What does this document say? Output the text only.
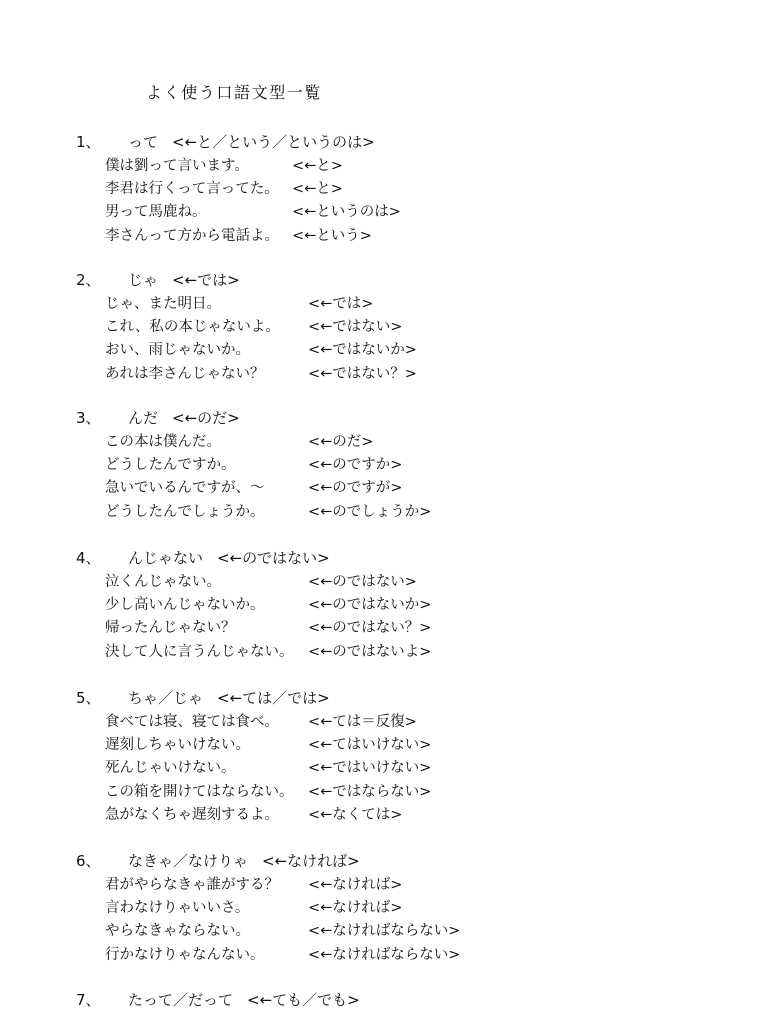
よく使う口語文型一覧
1、	って <←と／という／というのは>
僕は劉って言います。	<←と>
李君は行くって言ってた。 <←と>
男って馬鹿ね。	<←というのは>
李さんって方から電話よ。 <←という>
2、	じゃ <←では>
じゃ、また明日。	<←では>
これ、私の本じゃないよ。 <←ではない>
おい、雨じゃないか。	<←ではないか>
あれは李さんじゃない？	<←ではない？>
3、	んだ <←のだ>
この本は僕んだ。	<←のだ>
どうしたんですか。	<←のですか>
急いでいるんですが、～	<←のですが>
どうしたんでしょうか。	<←のでしょうか>
4、	んじゃない <←のではない>
泣くんじゃない。	<←のではない>
少し高いんじゃないか。	<←のではないか>
帰ったんじゃない？	<←のではない？>
決して人に言うんじゃない。 <←のではないよ>
5、	ちゃ／じゃ <←ては／では>
食べては寝、寝ては食べ。 <←ては＝反復>
遅刻しちゃいけない。	<←てはいけない>
死んじゃいけない。	<←ではいけない>
この箱を開けてはならない。 <←ではならない>
急がなくちゃ遅刻するよ。 <←なくては>
6、	なきゃ／なけりゃ <←なければ>
君がやらなきゃ誰がする？ <←なければ>
言わなけりゃいいさ。	<←なければ>
やらなきゃならない。	<←なければならない>
行かなけりゃなんない。	<←なければならない>
7、	たって／だって <←ても／でも>
